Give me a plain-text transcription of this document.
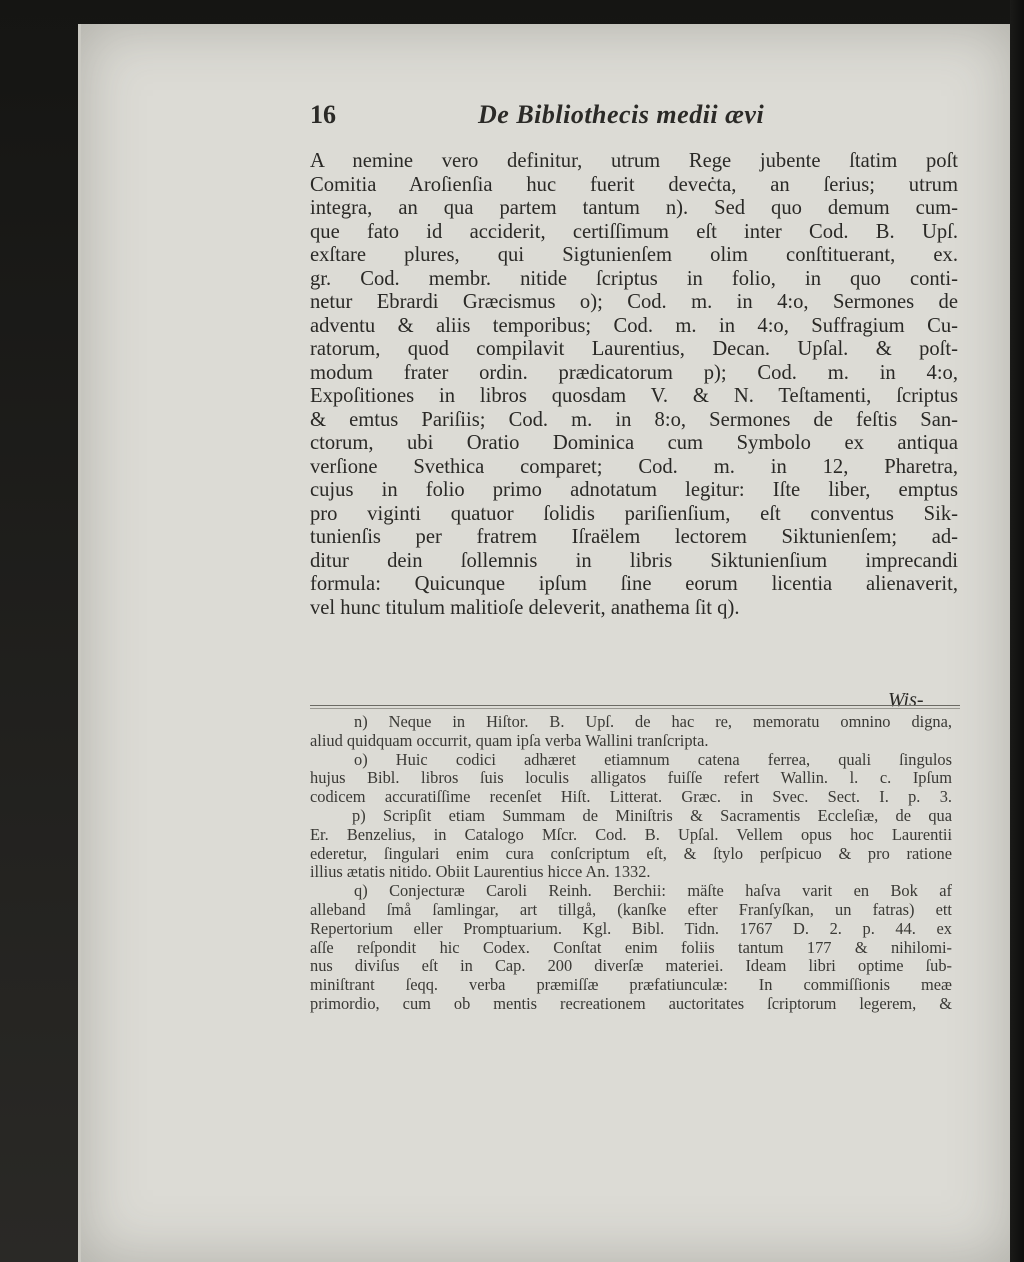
16	De Bibliothecis medii ævi
A nemine vero definitur, utrum Rege jubente ſtatim poſt
Comitia Aroſienſia huc fuerit deveċta, an ſerius; utrum
integra, an qua partem tantum n). Sed quo demum cum-
que fato id acciderit, certiſſimum eſt inter Cod. B. Upſ.
exſtare plures, qui Sigtunienſem olim conſtituerant, ex.
gr. Cod. membr. nitide ſcriptus in folio, in quo conti-
netur Ebrardi Græcismus o); Cod. m. in 4:o, Sermones de
adventu & aliis temporibus; Cod. m. in 4:o, Suffragium Cu-
ratorum, quod compilavit Laurentius, Decan. Upſal. & poſt-
modum frater ordin. prædicatorum p); Cod. m. in 4:o,
Expoſitiones in libros quosdam V. & N. Teſtamenti, ſcriptus
& emtus Pariſiis; Cod. m. in 8:o, Sermones de feſtis San-
ctorum, ubi Oratio Dominica cum Symbolo ex antiqua
verſione Svethica comparet; Cod. m. in 12, Pharetra,
cujus in folio primo adnotatum legitur: Iſte liber, emptus
pro viginti quatuor ſolidis pariſienſium, eſt conventus Sik-
tunienſis per fratrem Iſraëlem lectorem Siktunienſem; ad-
ditur dein ſollemnis in libris Siktunienſium imprecandi
formula: Quicunque ipſum ſine eorum licentia alienaverit,
vel hunc titulum malitioſe deleverit, anathema ſit q).
Wis-
n) Neque in Hiſtor. B. Upſ. de hac re, memoratu omnino digna,
aliud quidquam occurrit, quam ipſa verba Wallini tranſcripta.
o) Huic codici adhæret etiamnum catena ferrea, quali ſingulos
hujus Bibl. libros ſuis loculis alligatos fuiſſe refert Wallin. l. c. Ipſum
codicem accuratiſſime recenſet Hiſt. Litterat. Græc. in Svec. Sect. I. p. 3.
p) Scripſit etiam Summam de Miniſtris & Sacramentis Eccleſiæ, de qua
Er. Benzelius, in Catalogo Mſcr. Cod. B. Upſal. Vellem opus hoc Laurentii
ederetur, ſingulari enim cura conſcriptum eſt, & ſtylo perſpicuo & pro ratione
illius ætatis nitido. Obiit Laurentius hicce An. 1332.
q) Conjecturæ Caroli Reinh. Berchii: mäſte haſva varit en Bok af
alleband ſmå ſamlingar, art tillgå, (kanſke efter Franſyſkan, un fatras) ett
Repertorium eller Promptuarium. Kgl. Bibl. Tidn. 1767 D. 2. p. 44. ex
aſſe reſpondit hic Codex. Conſtat enim foliis tantum 177 & nihilomi-
nus diviſus eſt in Cap. 200 diverſæ materiei. Ideam libri optime ſub-
miniſtrant ſeqq. verba præmiſſæ præfatiunculæ: In commiſſionis meæ
primordio, cum ob mentis recreationem auctoritates ſcriptorum legerem, &
